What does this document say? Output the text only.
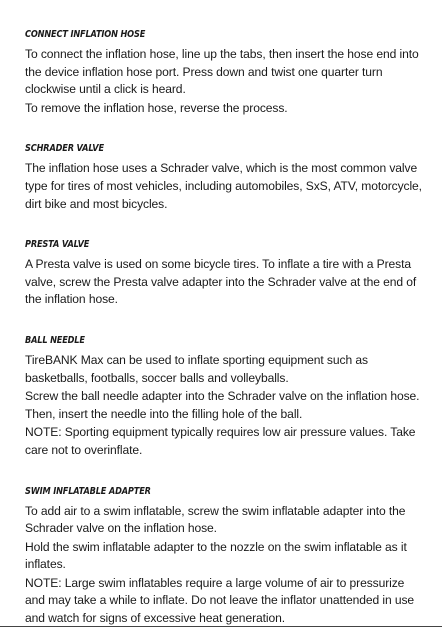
CONNECT INFLATION HOSE

To connect the inflation hose, line up the tabs, then insert the hose end into the device inflation hose port. Press down and twist one quarter turn clockwise until a click is heard.

To remove the inflation hose, reverse the process.

SCHRADER VALVE

The inflation hose uses a Schrader valve, which is the most common valve type for tires of most vehicles, including automobiles, SxS, ATV, motorcycle, dirt bike and most bicycles.

PRESTA VALVE

A Presta valve is used on some bicycle tires. To inflate a tire with a Presta valve, screw the Presta valve adapter into the Schrader valve at the end of the inflation hose.

BALL NEEDLE

TireBANK Max can be used to inflate sporting equipment such as basketballs, footballs, soccer balls and volleyballs.

Screw the ball needle adapter into the Schrader valve on the inflation hose. Then, insert the needle into the filling hole of the ball.

NOTE: Sporting equipment typically requires low air pressure values. Take care not to overinflate.

SWIM INFLATABLE ADAPTER

To add air to a swim inflatable, screw the swim inflatable adapter into the Schrader valve on the inflation hose.

Hold the swim inflatable adapter to the nozzle on the swim inflatable as it inflates.

NOTE: Large swim inflatables require a large volume of air to pressurize and may take a while to inflate. Do not leave the inflator unattended in use and watch for signs of excessive heat generation.
